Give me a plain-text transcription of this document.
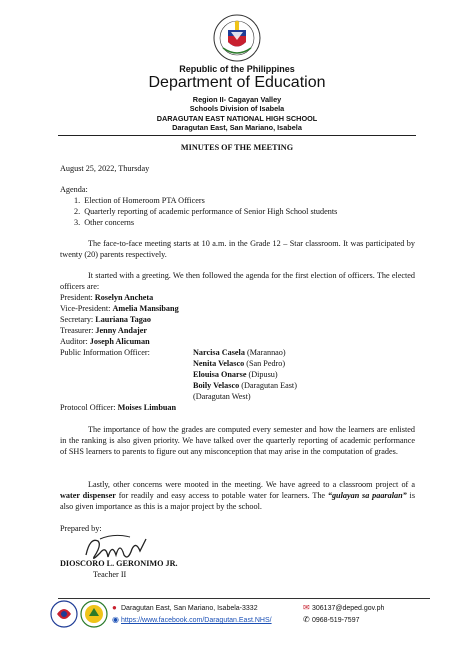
Republic of the Philippines
Department of Education
Region II- Cagayan Valley
Schools Division of Isabela
DARAGUTAN EAST NATIONAL HIGH SCHOOL
Daragutan East, San Mariano, Isabela
MINUTES OF THE MEETING
August 25, 2022, Thursday
Agenda:
1. Election of Homeroom PTA Officers
2. Quarterly reporting of academic performance of Senior High School students
3. Other concerns
The face-to-face meeting starts at 10 a.m. in the Grade 12 – Star classroom. It was participated by twenty (20) parents respectively.
It started with a greeting. We then followed the agenda for the first election of officers. The elected officers are:
President: Roselyn Ancheta
Vice-President: Amelia Mansibang
Secretary: Lauriana Tagao
Treasurer: Jenny Andajer
Auditor: Joseph Alicuman
Public Information Officer:	Narcisa Casela (Marannao)
Nenita Velasco (San Pedro)
Elouisa Onarse (Dipusu)
Boily Velasco (Daragutan East)
(Daragutan West)
Protocol Officer: Moises Limbuan
The importance of how the grades are computed every semester and how the learners are enlisted in the ranking is also given priority. We have talked over the quarterly reporting of academic performance of SHS learners to parents to figure out any misconception that may arise in the computation of grades.
Lastly, other concerns were mooted in the meeting. We have agreed to a classroom project of a water dispenser for readily and easy access to potable water for learners. The “gulayan sa paaralan” is also given importance as this is a major project by the school.
Prepared by:
DIOSCORO L. GERONIMO JR.
Teacher II
● Daragutan East, San Mariano, Isabela-3332
◉ https://www.facebook.com/Daragutan.East.NHS/
✉ 306137@deped.gov.ph
✆ 0968-519-7597
